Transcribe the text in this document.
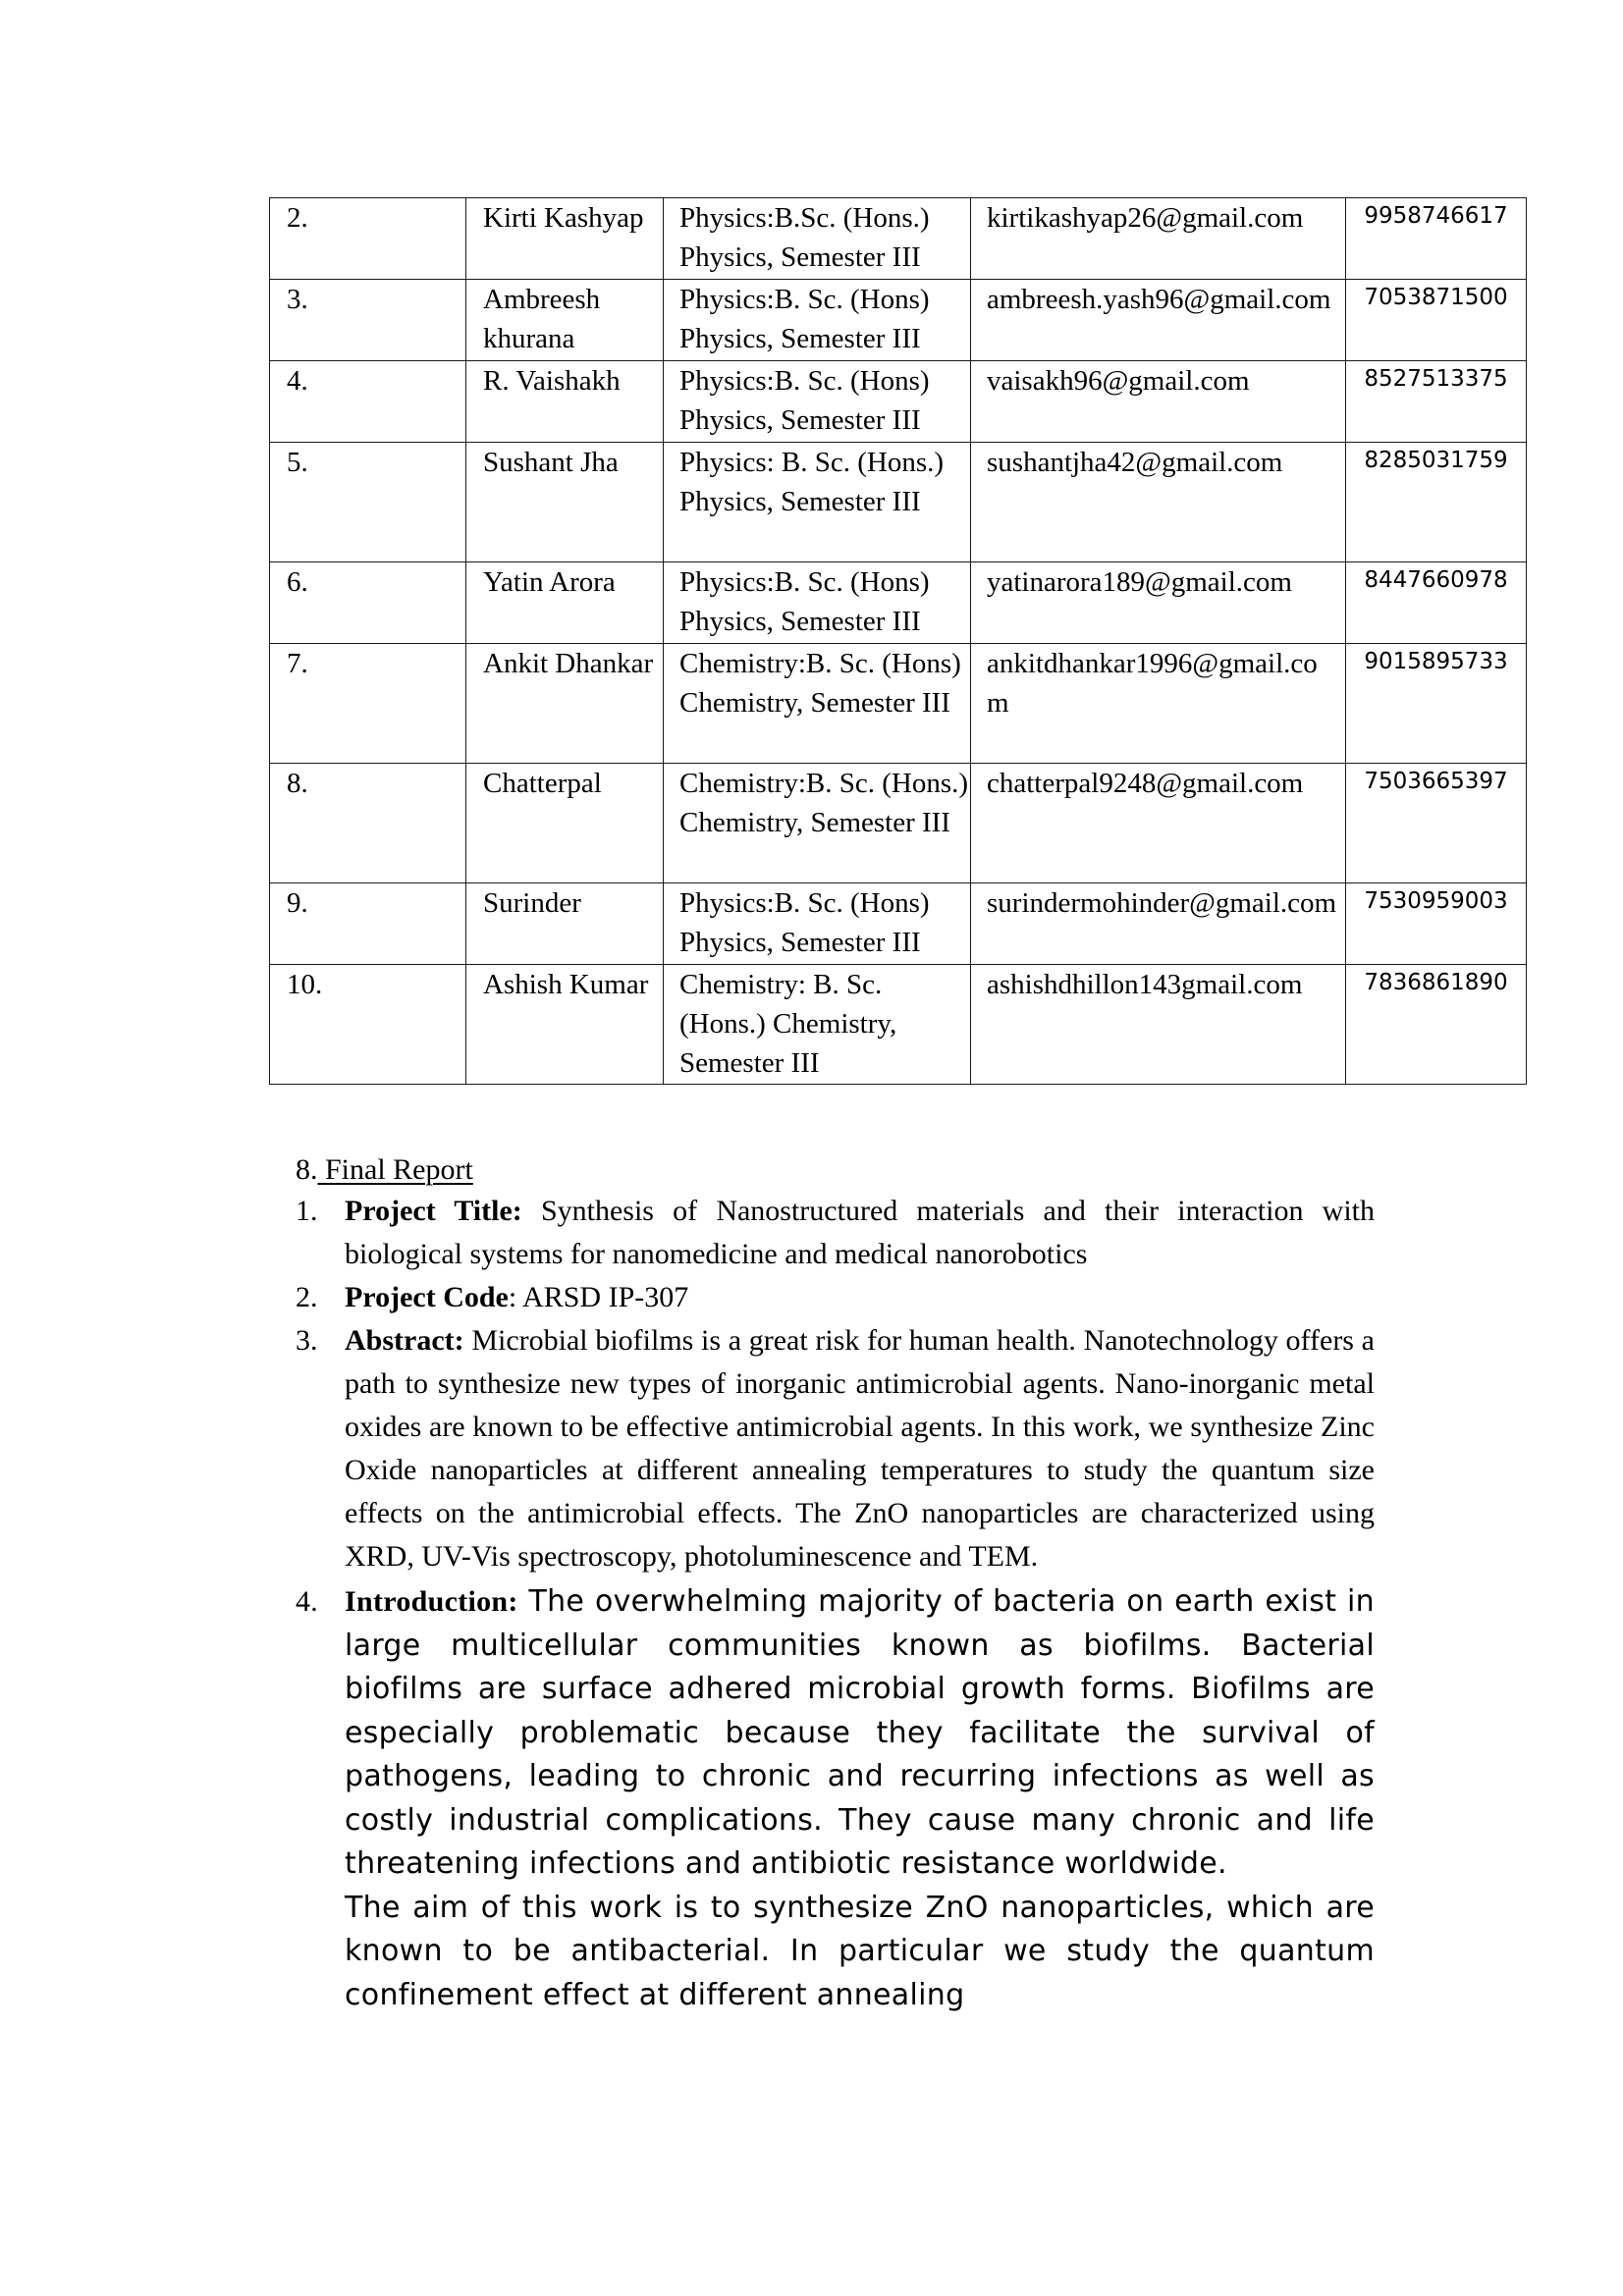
2.	Kirti Kashyap	Physics:B.Sc. (Hons.) Physics, Semester III	kirtikashyap26@gmail.com	9958746617
3.	Ambreesh khurana	Physics:B. Sc. (Hons) Physics, Semester III	ambreesh.yash96@gmail.com	7053871500
4.	R. Vaishakh	Physics:B. Sc. (Hons) Physics, Semester III	vaisakh96@gmail.com	8527513375
5.	Sushant Jha	Physics: B. Sc. (Hons.) Physics, Semester III	sushantjha42@gmail.com	8285031759
6.	Yatin Arora	Physics:B. Sc. (Hons) Physics, Semester III	yatinarora189@gmail.com	8447660978
7.	Ankit Dhankar	Chemistry:B. Sc. (Hons) Chemistry, Semester III	ankitdhankar1996@gmail.com	9015895733
8.	Chatterpal	Chemistry:B. Sc. (Hons.) Chemistry, Semester III	chatterpal9248@gmail.com	7503665397
9.	Surinder	Physics:B. Sc. (Hons) Physics, Semester III	surindermohinder@gmail.com	7530959003
10.	Ashish Kumar	Chemistry: B. Sc. (Hons.) Chemistry, Semester III	ashishdhillon143gmail.com	7836861890

8. Final Report

1. Project Title: Synthesis of Nanostructured materials and their interaction with biological systems for nanomedicine and medical nanorobotics
2. Project Code: ARSD IP-307
3. Abstract: Microbial biofilms is a great risk for human health. Nanotechnology offers a path to synthesize new types of inorganic antimicrobial agents. Nano-inorganic metal oxides are known to be effective antimicrobial agents. In this work, we synthesize Zinc Oxide nanoparticles at different annealing temperatures to study the quantum size effects on the antimicrobial effects. The ZnO nanoparticles are characterized using XRD, UV-Vis spectroscopy, photoluminescence and TEM.
4. Introduction: The overwhelming majority of bacteria on earth exist in large multicellular communities known as biofilms. Bacterial biofilms are surface adhered microbial growth forms. Biofilms are especially problematic because they facilitate the survival of pathogens, leading to chronic and recurring infections as well as costly industrial complications. They cause many chronic and life threatening infections and antibiotic resistance worldwide.
The aim of this work is to synthesize ZnO nanoparticles, which are known to be antibacterial. In particular we study the quantum confinement effect at different annealing
